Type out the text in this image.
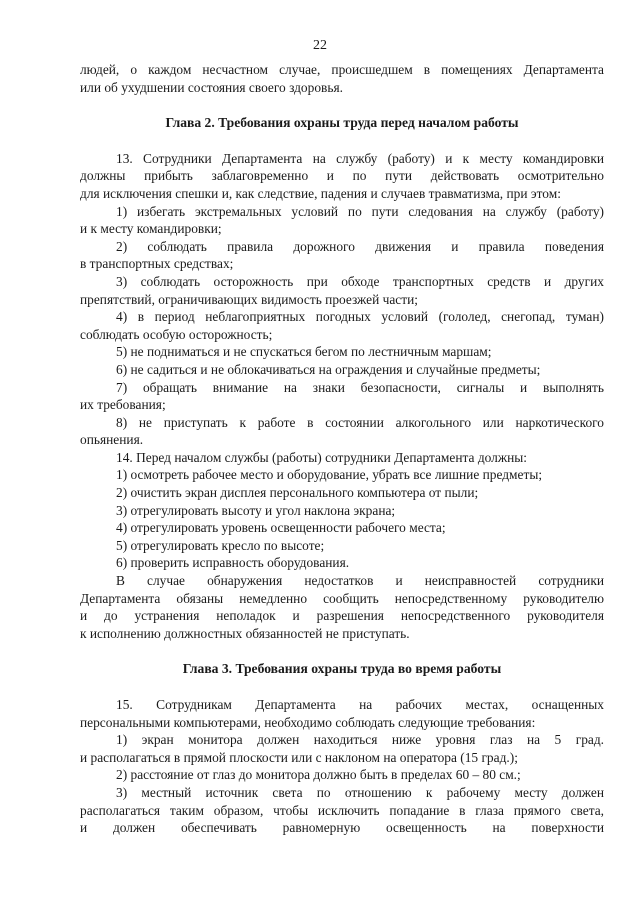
22

людей, о каждом несчастном случае, происшедшем в помещениях Департамента

или об ухудшении состояния своего здоровья.

Глава 2. Требования охраны труда перед началом работы

13. Сотрудники Департамента на службу (работу) и к месту командировки

должны прибыть заблаговременно и по пути действовать осмотрительно

для исключения спешки и, как следствие, падения и случаев травматизма, при этом:

1) избегать экстремальных условий по пути следования на службу (работу)

и к месту командировки;

2) соблюдать правила дорожного движения и правила поведения

в транспортных средствах;

3) соблюдать осторожность при обходе транспортных средств и других

препятствий, ограничивающих видимость проезжей части;

4) в период неблагоприятных погодных условий (гололед, снегопад, туман)

соблюдать особую осторожность;

5) не подниматься и не спускаться бегом по лестничным маршам;

6) не садиться и не облокачиваться на ограждения и случайные предметы;

7) обращать внимание на знаки безопасности, сигналы и выполнять

их требования;

8) не приступать к работе в состоянии алкогольного или наркотического

опьянения.

14. Перед началом службы (работы) сотрудники Департамента должны:

1) осмотреть рабочее место и оборудование, убрать все лишние предметы;

2) очистить экран дисплея персонального компьютера от пыли;

3) отрегулировать высоту и угол наклона экрана;

4) отрегулировать уровень освещенности рабочего места;

5) отрегулировать кресло по высоте;

6) проверить исправность оборудования.

В случае обнаружения недостатков и неисправностей сотрудники

Департамента обязаны немедленно сообщить непосредственному руководителю

и до устранения неполадок и разрешения непосредственного руководителя

к исполнению должностных обязанностей не приступать.

Глава 3. Требования охраны труда во время работы

15. Сотрудникам Департамента на рабочих местах, оснащенных

персональными компьютерами, необходимо соблюдать следующие требования:

1) экран монитора должен находиться ниже уровня глаз на 5 град.

и располагаться в прямой плоскости или с наклоном на оператора (15 град.);

2) расстояние от глаз до монитора должно быть в пределах 60 – 80 см.;

3) местный источник света по отношению к рабочему месту должен

располагаться таким образом, чтобы исключить попадание в глаза прямого света,

и должен обеспечивать равномерную освещенность на поверхности
